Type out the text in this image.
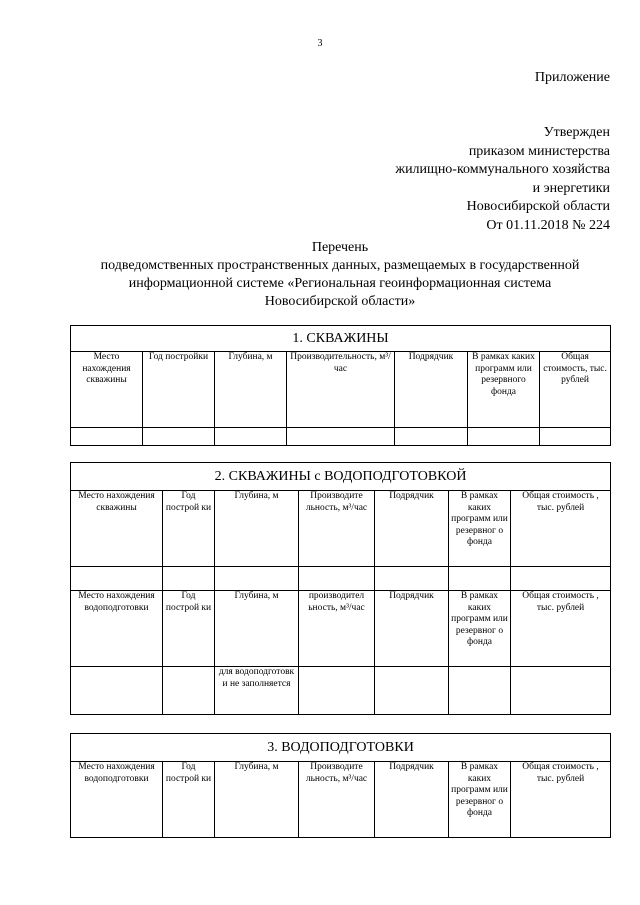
3
Приложение
Утвержден
приказом министерства
жилищно-коммунального хозяйства
и энергетики
Новосибирской области
От 01.11.2018 № 224
Перечень
подведомственных пространственных данных, размещаемых в государственной
информационной системе «Региональная геоинформационная система
Новосибирской области»
1. СКВАЖИНЫ						
Место нахождения скважины	Год постройки	Глубина, м	Производительность, м³/час	Подрядчик	В рамках каких программ или резервного фонда	Общая стоимость, тыс. рублей

2. СКВАЖИНЫ с ВОДОПОДГОТОВКОЙ						
Место нахождения скважины	Год построй ки	Глубина, м	Производите льность, м³/час	Подрядчик	В рамках каких программ или резервног о фонда	Общая стоимость , тыс. рублей

Место нахождения водоподготовки	Год построй ки	Глубина, м	производител ьность, м³/час	Подрядчик	В рамках каких программ или резервног о фонда	Общая стоимость , тыс. рублей
		для водоподготовк и не заполняется				
3. ВОДОПОДГОТОВКИ
Место нахождения водоподготовки	Год построй ки	Глубина, м	Производите льность, м³/час	Подрядчик	В рамках каких программ или резервног о фонда	Общая стоимость , тыс. рублей
